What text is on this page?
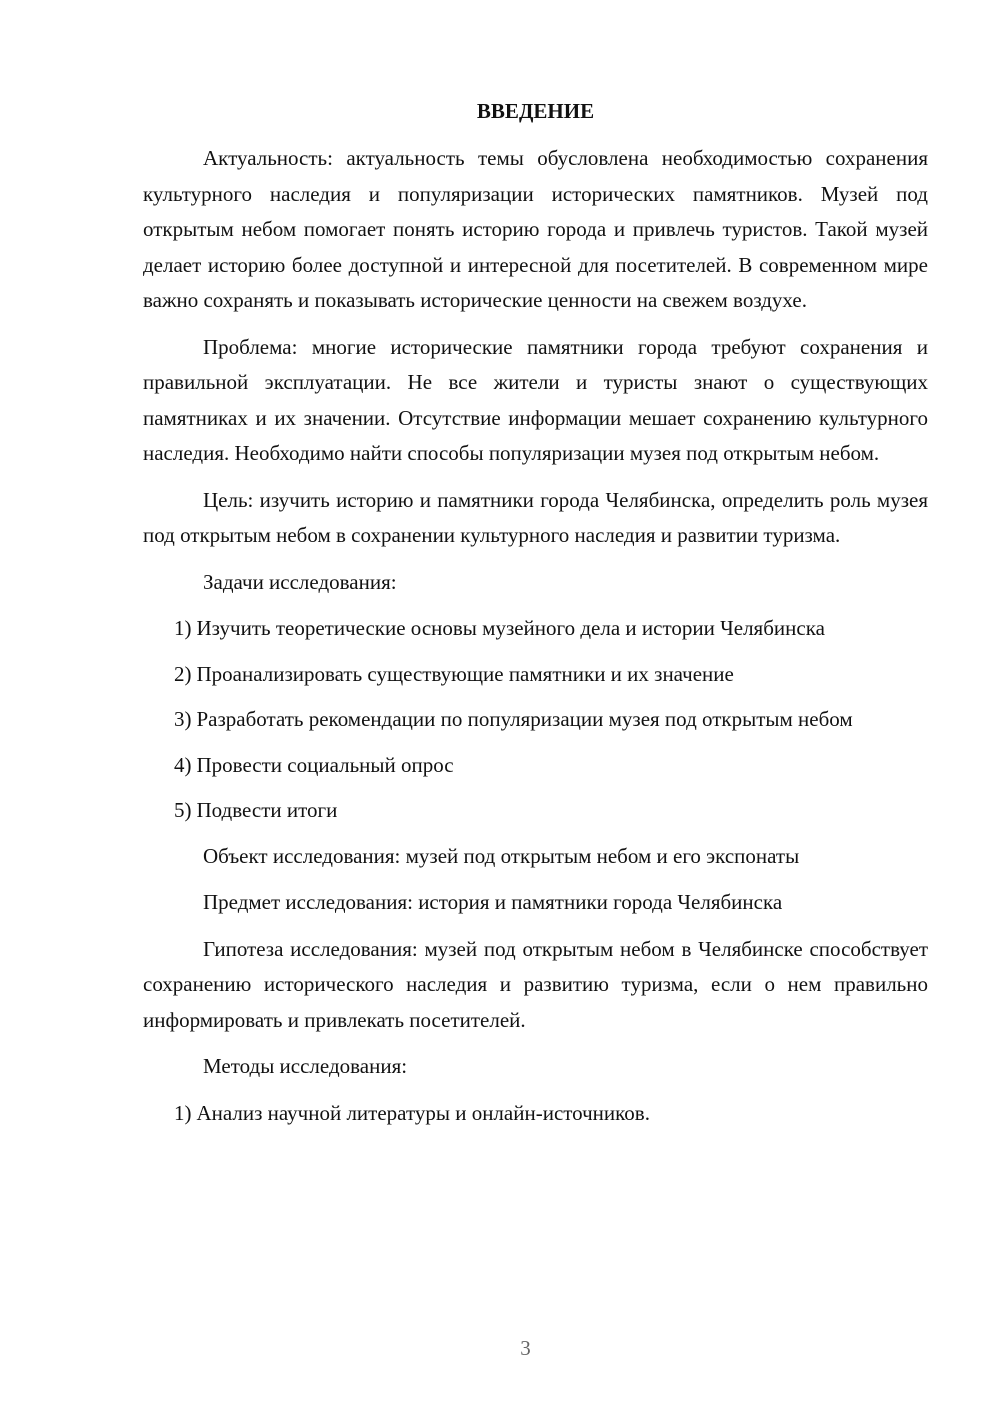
ВВЕДЕНИЕ

Актуальность: актуальность темы обусловлена необходимостью сохранения культурного наследия и популяризации исторических памятников. Музей под открытым небом помогает понять историю города и привлечь туристов. Такой музей делает историю более доступной и интересной для посетителей. В современном мире важно сохранять и показывать исторические ценности на свежем воздухе.

Проблема: многие исторические памятники города требуют сохранения и правильной эксплуатации. Не все жители и туристы знают о существующих памятниках и их значении. Отсутствие информации мешает сохранению культурного наследия. Необходимо найти способы популяризации музея под открытым небом.

Цель: изучить историю и памятники города Челябинска, определить роль музея под открытым небом в сохранении культурного наследия и развитии туризма.

Задачи исследования:

1) Изучить теоретические основы музейного дела и истории Челябинска
2) Проанализировать существующие памятники и их значение
3) Разработать рекомендации по популяризации музея под открытым небом
4) Провести социальный опрос
5) Подвести итоги

Объект исследования: музей под открытым небом и его экспонаты

Предмет исследования: история и памятники города Челябинска

Гипотеза исследования: музей под открытым небом в Челябинске способствует сохранению исторического наследия и развитию туризма, если о нем правильно информировать и привлекать посетителей.

Методы исследования:

1) Анализ научной литературы и онлайн-источников.
3
